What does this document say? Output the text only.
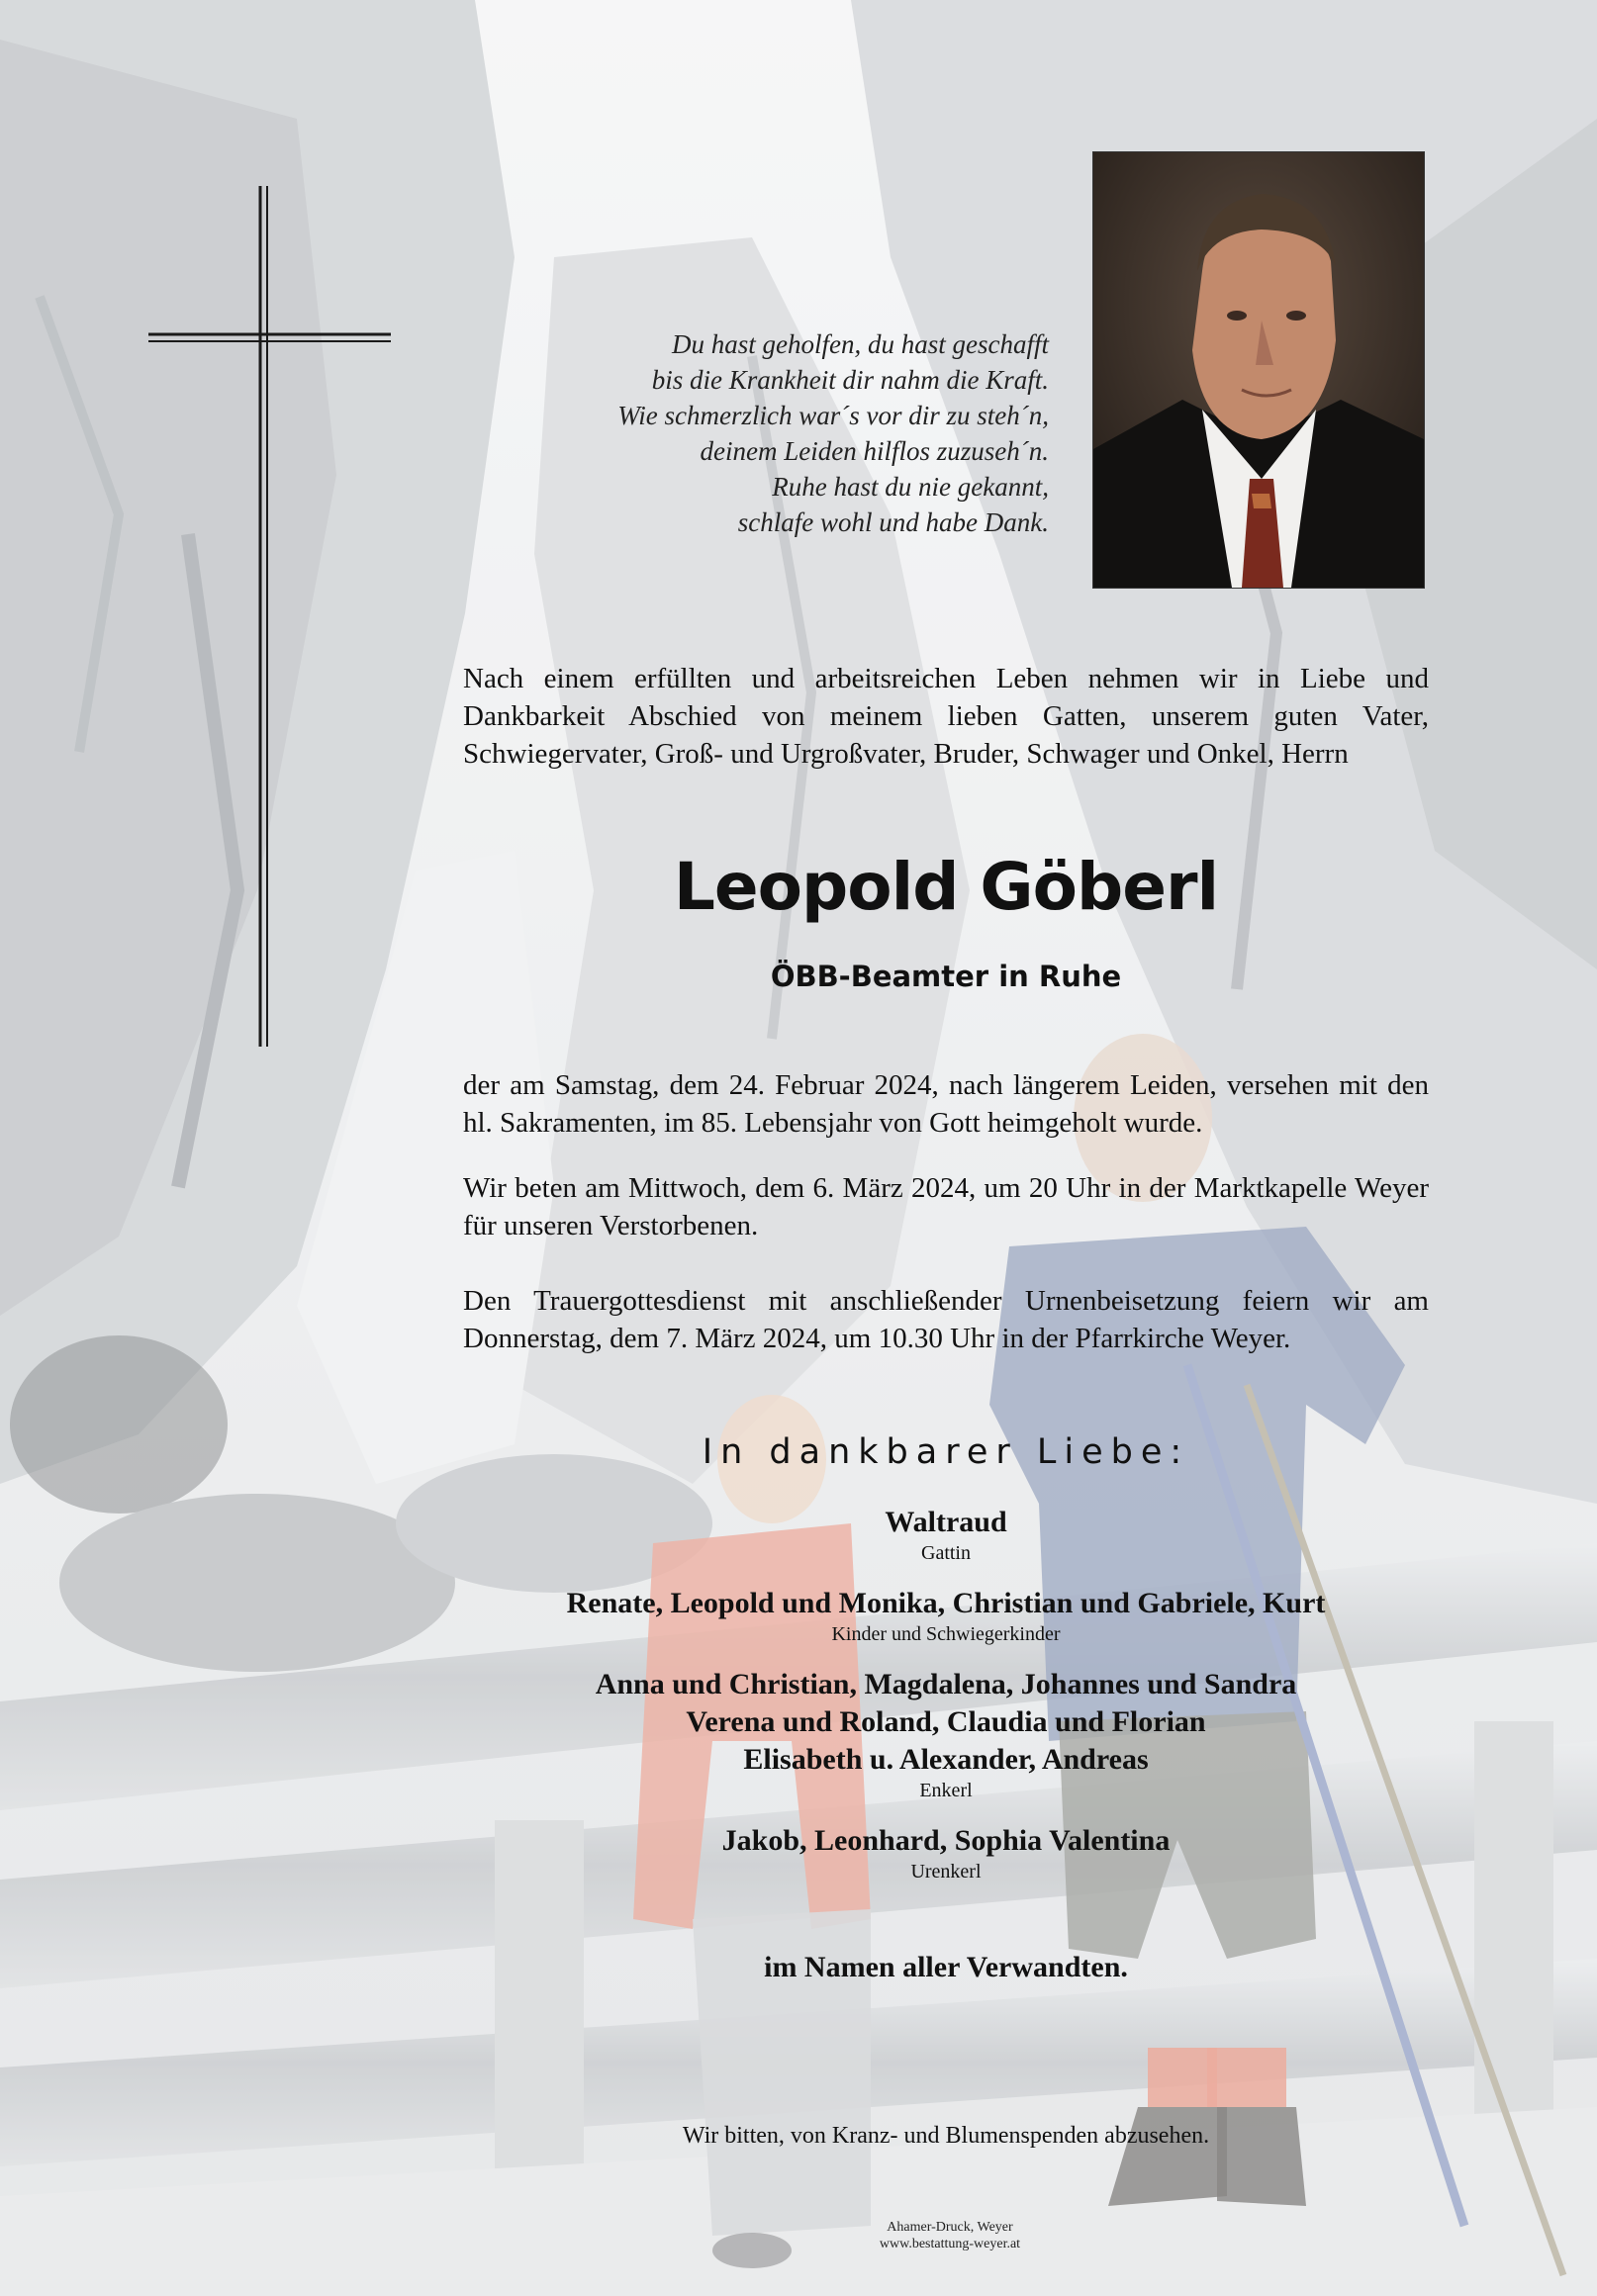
Du hast geholfen, du hast geschafft
bis die Krankheit dir nahm die Kraft.
Wie schmerzlich war´s vor dir zu steh´n,
deinem Leiden hilflos zuzuseh´n.
Ruhe hast du nie gekannt,
schlafe wohl und habe Dank.
Nach einem erfüllten und arbeitsreichen Leben nehmen wir in Liebe und Dankbarkeit Abschied von meinem lieben Gatten, unserem guten Vater, Schwiegervater, Groß- und Urgroßvater, Bruder, Schwager und Onkel, Herrn
Leopold Göberl
ÖBB-Beamter in Ruhe
der am Samstag, dem 24. Februar 2024, nach längerem Leiden, versehen mit den hl. Sakramenten, im 85. Lebensjahr von Gott heimgeholt wurde.
Wir beten am Mittwoch, dem 6. März 2024, um 20 Uhr in der Marktkapelle Weyer für unseren Verstorbenen.
Den Trauergottesdienst mit anschließender Urnenbeisetzung feiern wir am Donnerstag, dem 7. März 2024, um 10.30 Uhr in der Pfarrkirche Weyer.
In dankbarer Liebe:
Waltraud
Gattin
Renate, Leopold und Monika, Christian und Gabriele, Kurt
Kinder und Schwiegerkinder
Anna und Christian, Magdalena, Johannes und Sandra
Verena und Roland, Claudia und Florian
Elisabeth u. Alexander, Andreas
Enkerl
Jakob, Leonhard, Sophia Valentina
Urenkerl
im Namen aller Verwandten.
Wir bitten, von Kranz- und Blumenspenden abzusehen.
Ahamer-Druck, Weyer
www.bestattung-weyer.at
